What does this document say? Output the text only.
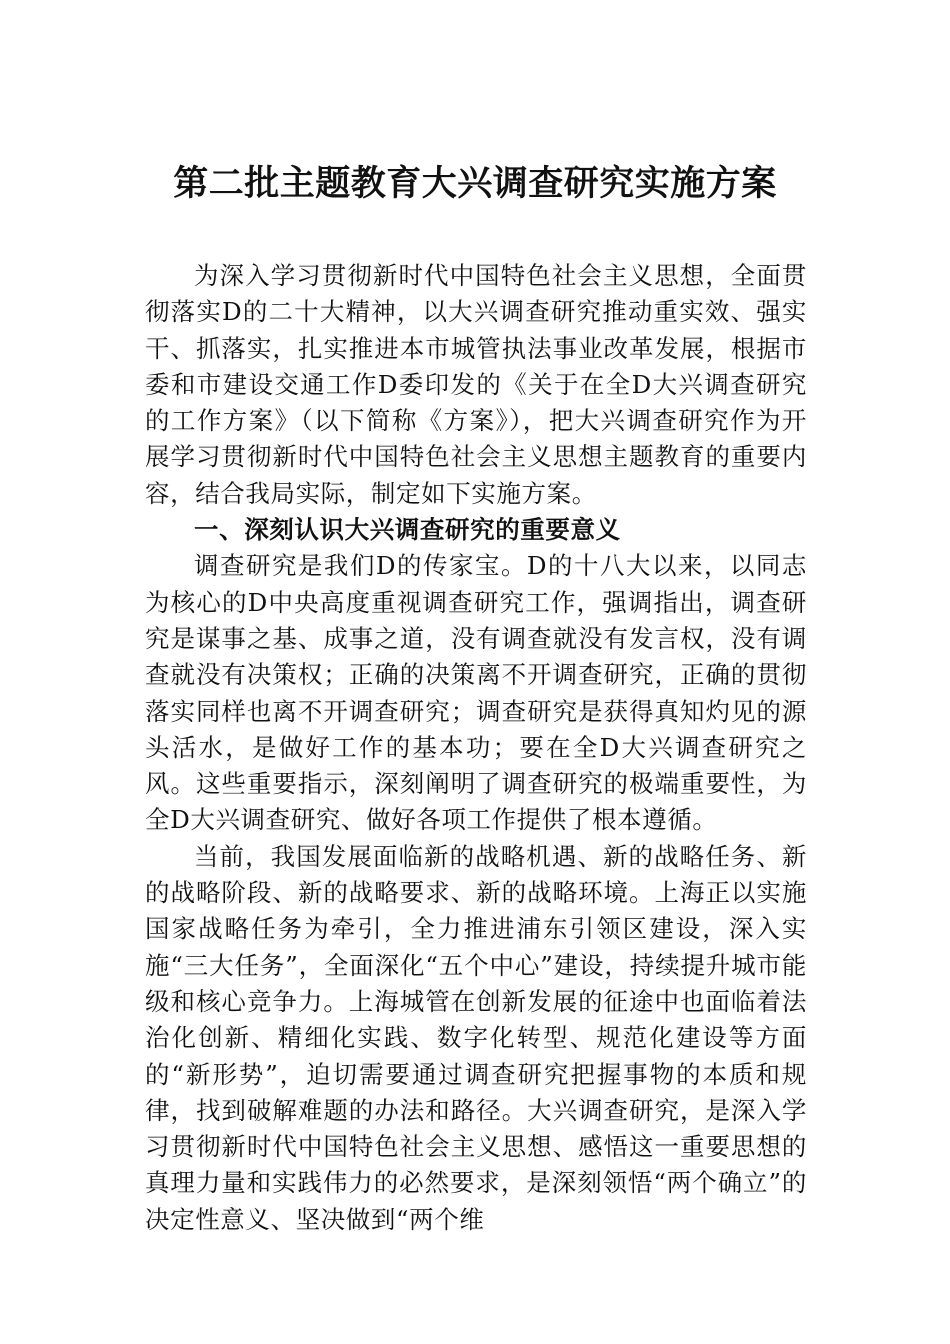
第二批主题教育大兴调查研究实施方案

为深入学习贯彻新时代中国特色社会主义思想，全面贯彻落实D的二十大精神，以大兴调查研究推动重实效、强实干、抓落实，扎实推进本市城管执法事业改革发展，根据市委和市建设交通工作D委印发的《关于在全D大兴调查研究的工作方案》（以下简称《方案》），把大兴调查研究作为开展学习贯彻新时代中国特色社会主义思想主题教育的重要内容，结合我局实际，制定如下实施方案。

一、深刻认识大兴调查研究的重要意义

调查研究是我们D的传家宝。D的十八大以来，以同志为核心的D中央高度重视调查研究工作，强调指出，调查研究是谋事之基、成事之道，没有调查就没有发言权，没有调查就没有决策权；正确的决策离不开调查研究，正确的贯彻落实同样也离不开调查研究；调查研究是获得真知灼见的源头活水，是做好工作的基本功；要在全D大兴调查研究之风。这些重要指示，深刻阐明了调查研究的极端重要性，为全D大兴调查研究、做好各项工作提供了根本遵循。

当前，我国发展面临新的战略机遇、新的战略任务、新的战略阶段、新的战略要求、新的战略环境。上海正以实施国家战略任务为牵引，全力推进浦东引领区建设，深入实施“三大任务”，全面深化“五个中心”建设，持续提升城市能级和核心竞争力。上海城管在创新发展的征途中也面临着法治化创新、精细化实践、数字化转型、规范化建设等方面的“新形势”，迫切需要通过调查研究把握事物的本质和规律，找到破解难题的办法和路径。大兴调查研究，是深入学习贯彻新时代中国特色社会主义思想、感悟这一重要思想的真理力量和实践伟力的必然要求，是深刻领悟“两个确立”的决定性意义、坚决做到“两个维
